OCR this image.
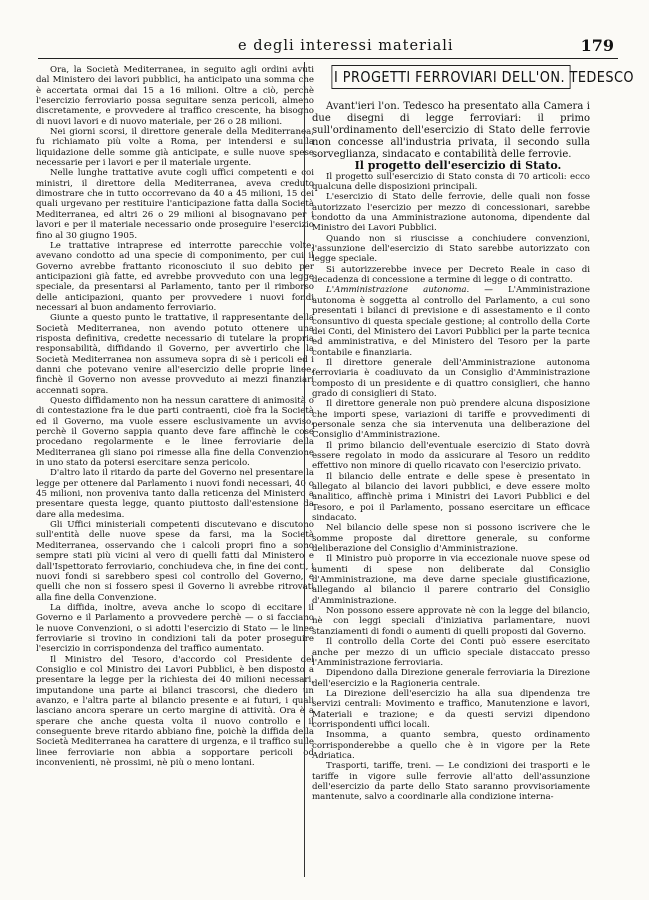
e degli interessi materiali	179

Ora, la Società Mediterranea, in seguito agli ordini avuti dal Ministero dei lavori pubblici, ha anticipato una somma che è accertata ormai dai 15 a 16 milioni. Oltre a ciò, perchè l'esercizio ferroviario possa seguitare senza pericoli, almeno discretamente, e provvedere al traffico crescente, ha bisogno di nuovi lavori e di nuovo materiale, per 26 o 28 milioni.

Nei giorni scorsi, il direttore generale della Mediterranea, fu richiamato più volte a Roma, per intendersi e sulla liquidazione delle somme già anticipate, e sulle nuove spese necessarie per i lavori e per il materiale urgente.

Nelle lunghe trattative avute cogli uffici competenti e coi ministri, il direttore della Mediterranea, aveva creduto dimostrare che in tutto occorrevano da 40 a 45 milioni, 15 dei quali urgevano per restituire l'anticipazione fatta dalla Società Mediterranea, ed altri 26 o 29 milioni al bisognavano per i lavori e per il materiale necessario onde proseguire l'esercizio fino al 30 giugno 1905.

Le trattative intraprese ed interrotte parecchie volte, avevano condotto ad una specie di componimento, per cui il Governo avrebbe frattanto riconosciuto il suo debito per anticipazioni già fatte, ed avrebbe provveduto con una legge speciale, da presentarsi al Parlamento, tanto per il rimborso delle anticipazioni, quanto per provvedere i nuovi fondi necessari al buon andamento ferroviario.

Giunte a questo punto le trattative, il rappresentante della Società Mediterranea, non avendo potuto ottenere una risposta definitiva, credette necessario di tutelare la propria responsabilità, diffidando il Governo, per avvertirlo che la Società Mediterranea non assumeva sopra di sè i pericoli ed i danni che potevano venire all'esercizio delle proprie linee, finchè il Governo non avesse provveduto ai mezzi finanziari accennati sopra.

Questo diffidamento non ha nessun carattere di animosità o di contestazione fra le due parti contraenti, cioè fra la Società ed il Governo, ma vuole essere esclusivamente un avviso, perchè il Governo sappia quanto deve fare affinchè le cose procedano regolarmente e le linee ferroviarie della Mediterranea gli siano poi rimesse alla fine della Convenzione in uno stato da potersi esercitare senza pericolo.

D'altro lato il ritardo da parte del Governo nel presentare la legge per ottenere dal Parlamento i nuovi fondi necessari, 40 o 45 milioni, non proveniva tanto dalla reticenza del Ministero a presentare questa legge, quanto piuttosto dall'estensione da dare alla medesima.

Gli Uffici ministeriali competenti discutevano e discutono sull'entità delle nuove spese da farsi, ma la Società Mediterranea, osservando che i calcoli propri fino a sono sempre stati più vicini al vero di quelli fatti dal Ministero e dall'Ispettorato ferroviario, conchiudeva che, in fine dei conti, i nuovi fondi si sarebbero spesi col controllo del Governo, e quelli che non si fossero spesi il Governo li avrebbe ritrovati alla fine della Convenzione.

La diffida, inoltre, aveva anche lo scopo di eccitare il Governo e il Parlamento a provvedere perchè — o si facciano le nuove Convenzioni, o si adotti l'esercizio di Stato — le linee ferroviarie si trovino in condizioni tali da poter proseguire l'esercizio in corrispondenza del traffico aumentato.

Il Ministro del Tesoro, d'accordo col Presidente del Consiglio e col Ministro dei Lavori Pubblici, è ben disposto a presentare la legge per la richiesta dei 40 milioni necessari, imputandone una parte ai bilanci trascorsi, che diedero un avanzo, e l'altra parte al bilancio presente e ai futuri, i quali lasciano ancora sperare un certo margine di attività. Ora è a sperare che anche questa volta il nuovo controllo e il conseguente breve ritardo abbiano fine, poichè la diffida della Società Mediterranea ha carattere di urgenza, e il traffico sulle linee ferroviarie non abbia a sopportare pericoli od inconvenienti, nè prossimi, nè più o meno lontani.

I PROGETTI FERROVIARI DELL'ON. TEDESCO

Avant'ieri l'on. Tedesco ha presentato alla Camera i due disegni di legge ferroviari: il primo sull'ordinamento dell'esercizio di Stato delle ferrovie non concesse all'industria privata, il secondo sulla sorveglianza, sindacato e contabilità delle ferrovie.

Il progetto dell'esercizio di Stato.

Il progetto sull'esercizio di Stato consta di 70 articoli: ecco qualcuna delle disposizioni principali.

L'esercizio di Stato delle ferrovie, delle quali non fosse autorizzato l'esercizio per mezzo di concessionari, sarebbe condotto da una Amministrazione autonoma, dipendente dal Ministro dei Lavori Pubblici.

Quando non si riuscisse a conchiudere convenzioni, l'assunzione dell'esercizio di Stato sarebbe autorizzato con legge speciale.

Si autorizzerebbe invece per Decreto Reale in caso di decadenza di concessione a termine di legge o di contratto.

L'Amministrazione autonoma. — L'Amministrazione autonoma è soggetta al controllo del Parlamento, a cui sono presentati i bilanci di previsione e di assestamento e il conto consuntivo di questa speciale gestione; al controllo della Corte dei Conti, del Ministero dei Lavori Pubblici per la parte tecnica ed amministrativa, e del Ministero del Tesoro per la parte contabile e finanziaria.

Il direttore generale dell'Amministrazione autonoma ferroviaria è coadiuvato da un Consiglio d'Amministrazione composto di un presidente e di quattro consiglieri, che hanno grado di consiglieri di Stato.

Il direttore generale non può prendere alcuna disposizione che importi spese, variazioni di tariffe e provvedimenti di personale senza che sia intervenuta una deliberazione del Consiglio d'Amministrazione.

Il primo bilancio dell'eventuale esercizio di Stato dovrà essere regolato in modo da assicurare al Tesoro un reddito effettivo non minore di quello ricavato con l'esercizio privato.

Il bilancio delle entrate e delle spese è presentato in allegato al bilancio dei lavori pubblici, e deve essere molto analitico, affinchè prima i Ministri dei Lavori Pubblici e del Tesoro, e poi il Parlamento, possano esercitare un efficace sindacato.

Nel bilancio delle spese non si possono iscrivere che le somme proposte dal direttore generale, su conforme deliberazione del Consiglio d'Amministrazione.

Il Ministro può proporre in via eccezionale nuove spese od aumenti di spese non deliberate dal Consiglio d'Amministrazione, ma deve darne speciale giustificazione, allegando al bilancio il parere contrario del Consiglio d'Amministrazione.

Non possono essere approvate nè con la legge del bilancio, nè con leggi speciali d'iniziativa parlamentare, nuovi stanziamenti di fondi o aumenti di quelli proposti dal Governo.

Il controllo della Corte dei Conti può essere esercitato anche per mezzo di un ufficio speciale distaccato presso l'Amministrazione ferroviaria.

Dipendono dalla Direzione generale ferroviaria la Direzione dell'esercizio e la Ragioneria centrale.

La Direzione dell'esercizio ha alla sua dipendenza tre servizi centrali: Movimento e traffico, Manutenzione e lavori, Materiali e trazione; e da questi servizi dipendono corrispondenti uffici locali.

Insomma, a quanto sembra, questo ordinamento corrisponderebbe a quello che è in vigore per la Rete Adriatica.

Trasporti, tariffe, treni. — Le condizioni dei trasporti e le tariffe in vigore sulle ferrovie all'atto dell'assunzione dell'esercizio da parte dello Stato saranno provvisoriamente mantenute, salvo a coordinarle alla condizione interna-
